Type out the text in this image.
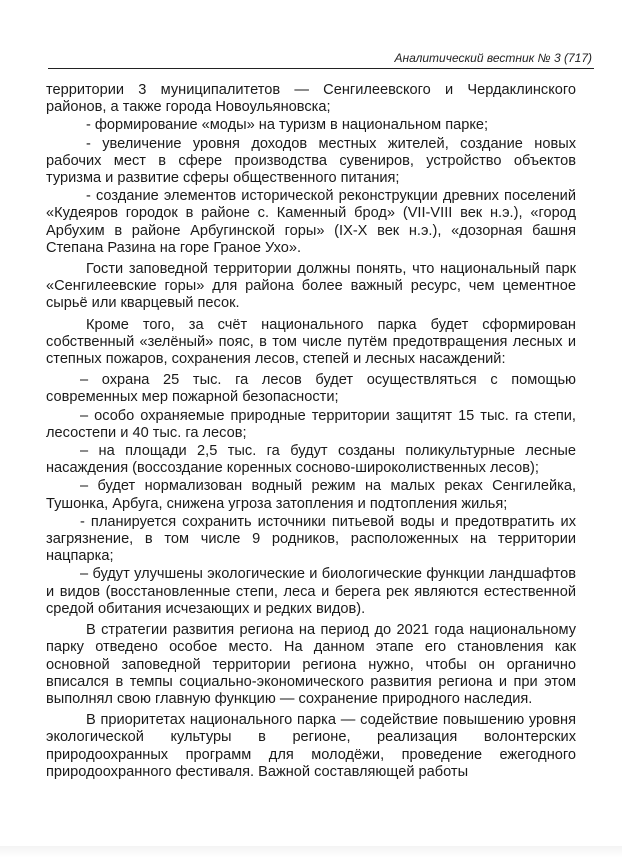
Аналитический вестник № 3 (717)

территории 3 муниципалитетов — Сенгилеевского и Чердаклинского районов, а также города Новоульяновска;

- формирование «моды» на туризм в национальном парке;

- увеличение уровня доходов местных жителей, создание новых рабочих мест в сфере производства сувениров, устройство объектов туризма и развитие сферы общественного питания;

- создание элементов исторической реконструкции древних поселений «Кудеяров городок в районе с. Каменный брод» (VII-VIII век н.э.), «город Арбухим в районе Арбугинской горы» (IX-X век н.э.), «дозорная башня Степана Разина на горе Граное Ухо».

Гости заповедной территории должны понять, что национальный парк «Сенгилеевские горы» для района более важный ресурс, чем цементное сырьё или кварцевый песок.

Кроме того, за счёт национального парка будет сформирован собственный «зелёный» пояс, в том числе путём предотвращения лесных и степных пожаров, сохранения лесов, степей и лесных насаждений:

– охрана 25 тыс. га лесов будет осуществляться с помощью современных мер пожарной безопасности;

– особо охраняемые природные территории защитят 15 тыс. га степи, лесостепи и 40 тыс. га лесов;

– на площади 2,5 тыс. га будут созданы поликультурные лесные насаждения (воссоздание коренных сосново-широколиственных лесов);

– будет нормализован водный режим на малых реках Сенгилейка, Тушонка, Арбуга, снижена угроза затопления и подтопления жилья;

- планируется сохранить источники питьевой воды и предотвратить их загрязнение, в том числе 9 родников, расположенных на территории нацпарка;

– будут улучшены экологические и биологические функции ландшафтов и видов (восстановленные степи, леса и берега рек являются естественной средой обитания исчезающих и редких видов).

В стратегии развития региона на период до 2021 года национальному парку отведено особое место. На данном этапе его становления как основной заповедной территории региона нужно, чтобы он органично вписался в темпы социально-экономического развития региона и при этом выполнял свою главную функцию — сохранение природного наследия.

В приоритетах национального парка — содействие повышению уровня экологической культуры в регионе, реализация волонтерских природоохранных программ для молодёжи, проведение ежегодного природоохранного фестиваля. Важной составляющей работы
